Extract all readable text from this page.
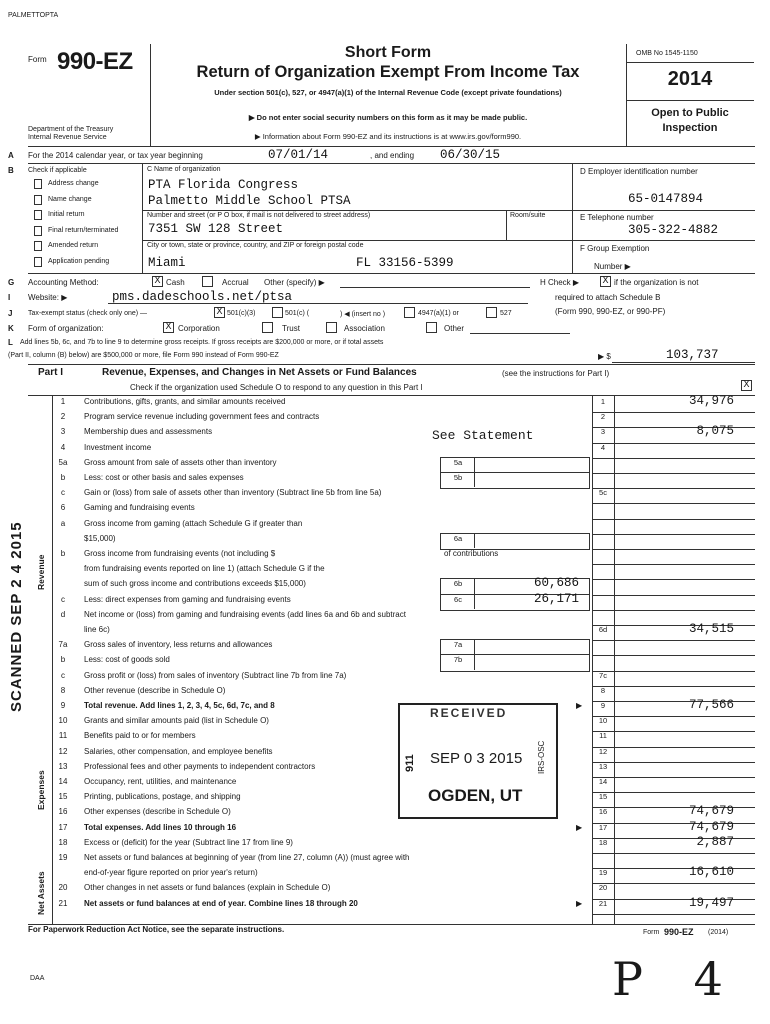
PALMETTOPTA
Form 990-EZ
Department of the Treasury
Internal Revenue Service
Short Form
Return of Organization Exempt From Income Tax
Under section 501(c), 527, or 4947(a)(1) of the Internal Revenue Code (except private foundations)
▶ Do not enter social security numbers on this form as it may be made public.
▶ Information about Form 990-EZ and its instructions is at www.irs.gov/form990.
OMB No 1545-1150
2014
Open to Public
Inspection
A For the 2014 calendar year, or tax year beginning	07/01/14	, and ending 06/30/15
B Check if applicable
Address change
Name change
Initial return
Final return/terminated
Amended return
Application pending
C Name of organization
PTA Florida Congress
Palmetto Middle School PTSA
Number and street (or P O box, if mail is not delivered to street address)	Room/suite
7351 SW 128 Street
City or town, state or province, country, and ZIP or foreign postal code
Miami	FL 33156-5399
D Employer identification number
65-0147894
E Telephone number
305-322-4882
F Group Exemption
Number ▶
G Accounting Method:	X Cash	Accrual Other (specify) ▶	H Check ▶ X if the organization is not
required to attach Schedule B
(Form 990, 990-EZ, or 990-PF)
I Website: ▶	pms.dadeschools.net/ptsa
J Tax-exempt status (check only one) —	X 501(c)(3)	501(c) (	) ◀ (insert no )	4947(a)(1) or	527
K Form of organization:	X Corporation	Trust	Association	Other
L Add lines 5b, 6c, and 7b to line 9 to determine gross receipts. If gross receipts are $200,000 or more, or if total assets
(Part II, column (B) below) are $500,000 or more, file Form 990 instead of Form 990-EZ	▶ $	103,737
Part I	Revenue, Expenses, and Changes in Net Assets or Fund Balances	(see the instructions for Part I)
Check if the organization used Schedule O to respond to any question in this Part I	X
1	Contributions, gifts, grants, and similar amounts received	1	34,976
2	Program service revenue including government fees and contracts	2
3	Membership dues and assessments	3	8,075
4	Investment income	4
5a	Gross amount from sale of assets other than inventory	5a
b	Less: cost or other basis and sales expenses	5b
c	Gain or (loss) from sale of assets other than inventory (Subtract line 5b from line 5a)	5c
6	Gaming and fundraising events
a	Gross income from gaming (attach Schedule G if greater than
$15,000)	6a
b	Gross income from fundraising events (not including $	of contributions
from fundraising events reported on line 1) (attach Schedule G if the
sum of such gross income and contributions exceeds $15,000)	6b	60,686
c	Less: direct expenses from gaming and fundraising events	6c	26,171
d	Net income or (loss) from gaming and fundraising events (add lines 6a and 6b and subtract
line 6c)	6d	34,515
7a	Gross sales of inventory, less returns and allowances	7a
b	Less: cost of goods sold	7b
c	Gross profit or (loss) from sales of inventory (Subtract line 7b from line 7a)	7c
8	Other revenue (describe in Schedule O)	8
9	Total revenue. Add lines 1, 2, 3, 4, 5c, 6d, 7c, and 8	▶	9	77,566
10	Grants and similar amounts paid (list in Schedule O)	10
11	Benefits paid to or for members	11
12	Salaries, other compensation, and employee benefits	12
13	Professional fees and other payments to independent contractors	13
14	Occupancy, rent, utilities, and maintenance	14
15	Printing, publications, postage, and shipping	15
16	Other expenses (describe in Schedule O)	16	74,679
17	Total expenses. Add lines 10 through 16	▶	17	74,679
18	Excess or (deficit) for the year (Subtract line 17 from line 9)	18	2,887
19	Net assets or fund balances at beginning of year (from line 27, column (A)) (must agree with
end-of-year figure reported on prior year's return)	19	16,610
20	Other changes in net assets or fund balances (explain in Schedule O)	20
21	Net assets or fund balances at end of year. Combine lines 18 through 20	▶	21	19,497
See Statement
Revenue
Expenses
Net Assets
SCANNED SEP 2 4 2015
RECEIVED
SEP 0 3 2015
OGDEN, UT
911	IRS-OSC
For Paperwork Reduction Act Notice, see the separate instructions.	Form 990-EZ (2014)
DAA	P 4
